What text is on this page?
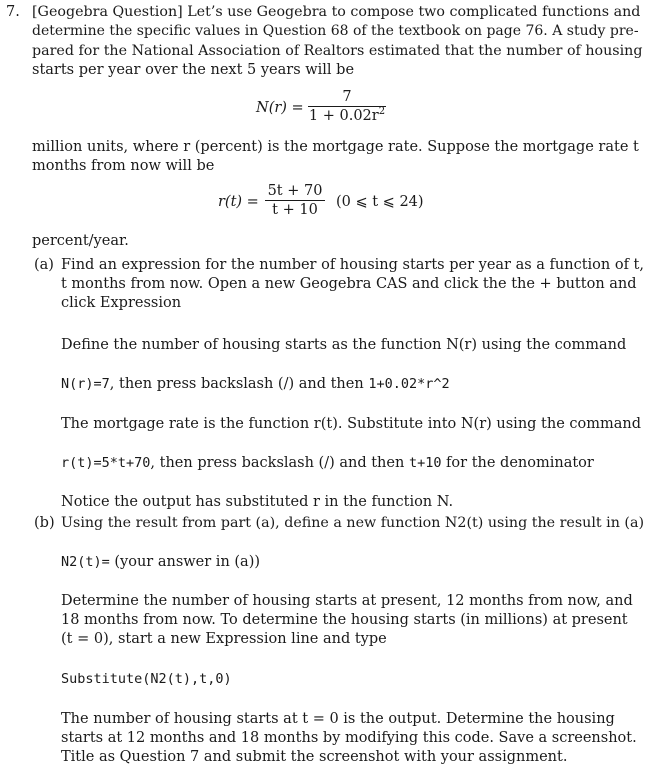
7. [Geogebra Question] Let’s use Geogebra to compose two complicated functions and
determine the specific values in Question 68 of the textbook on page 76. A study pre-
pared for the National Association of Realtors estimated that the number of housing
starts per year over the next 5 years will be
N(r) =
7
$1 + 0.02r^2$
million units, where r (percent) is the mortgage rate. Suppose the mortgage rate t
months from now will be
r(t) =
5t + 70
t + 10	(0 ⩽ t ⩽ 24)
percent/year.
(a) Find an expression for the number of housing starts per year as a function of t,
t months from now. Open a new Geogebra CAS and click the the + button and
click Expression
Define the number of housing starts as the function N(r) using the command
N(r)=7, then press backslash (/) and then 1+0.02*r^2
The mortgage rate is the function r(t). Substitute into N(r) using the command
r(t)=5*t+70, then press backslash (/) and then t+10 for the denominator
Notice the output has substituted r in the function N.
(b) Using the result from part (a), define a new function N2(t) using the result in (a)
N2(t)= (your answer in (a))
Determine the number of housing starts at present, 12 months from now, and
18 months from now. To determine the housing starts (in millions) at present
(t = 0), start a new Expression line and type
Substitute(N2(t),t,0)
The number of housing starts at t = 0 is the output. Determine the housing
starts at 12 months and 18 months by modifying this code. Save a screenshot.
Title as Question 7 and submit the screenshot with your assignment.
